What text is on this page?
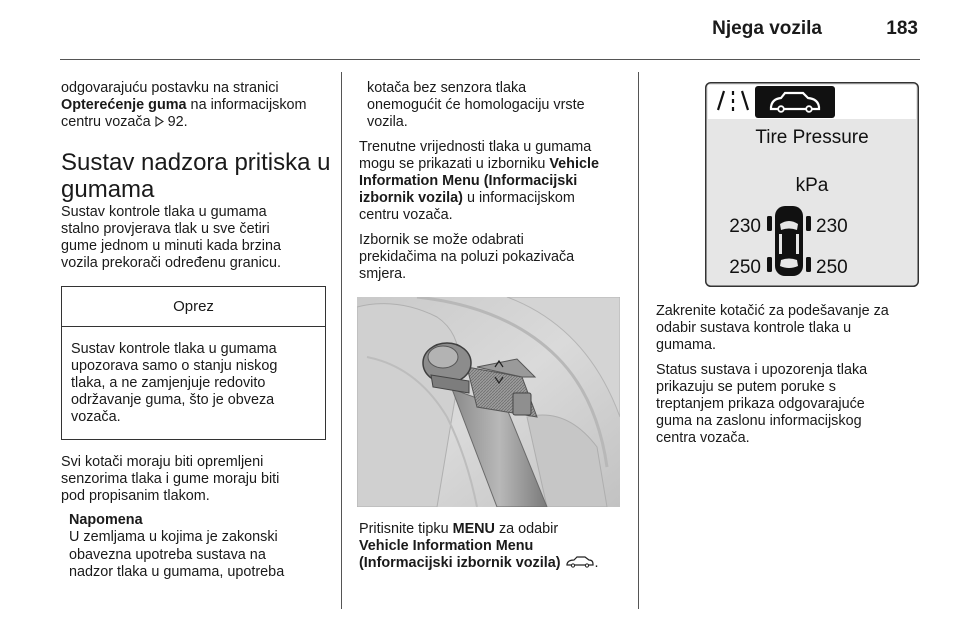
Njega vozila	183

odgovarajuću postavku na stranici
Opterećenje guma na informacijskom
centru vozača  92.

Sustav nadzora pritiska u
gumama

Sustav kontrole tlaka u gumama
stalno provjerava tlak u sve četiri
gume jednom u minuti kada brzina
vozila prekorači određenu granicu.

Oprez
Sustav kontrole tlaka u gumama
upozorava samo o stanju niskog
tlaka, a ne zamjenjuje redovito
održavanje guma, što je obveza
vozača.

Svi kotači moraju biti opremljeni
senzorima tlaka i gume moraju biti
pod propisanim tlakom.

Napomena
U zemljama u kojima je zakonski
obavezna upotreba sustava na
nadzor tlaka u gumama, upotreba

kotača bez senzora tlaka
onemogućit će homologaciju vrste
vozila.

Trenutne vrijednosti tlaka u gumama
mogu se prikazati u izborniku Vehicle
Information Menu (Informacijski
izbornik vozila) u informacijskom
centru vozača.

Izbornik se može odabrati
prekidačima na poluzi pokazivača
smjera.

Pritisnite tipku MENU za odabir
Vehicle Information Menu
(Informacijski izbornik vozila) .
Tire Pressure
kPa
230	230
250	250

Zakrenite kotačić za podešavanje za
odabir sustava kontrole tlaka u
gumama.

Status sustava i upozorenja tlaka
prikazuju se putem poruke s
treptanjem prikaza odgovarajuće
guma na zaslonu informacijskog
centra vozača.
